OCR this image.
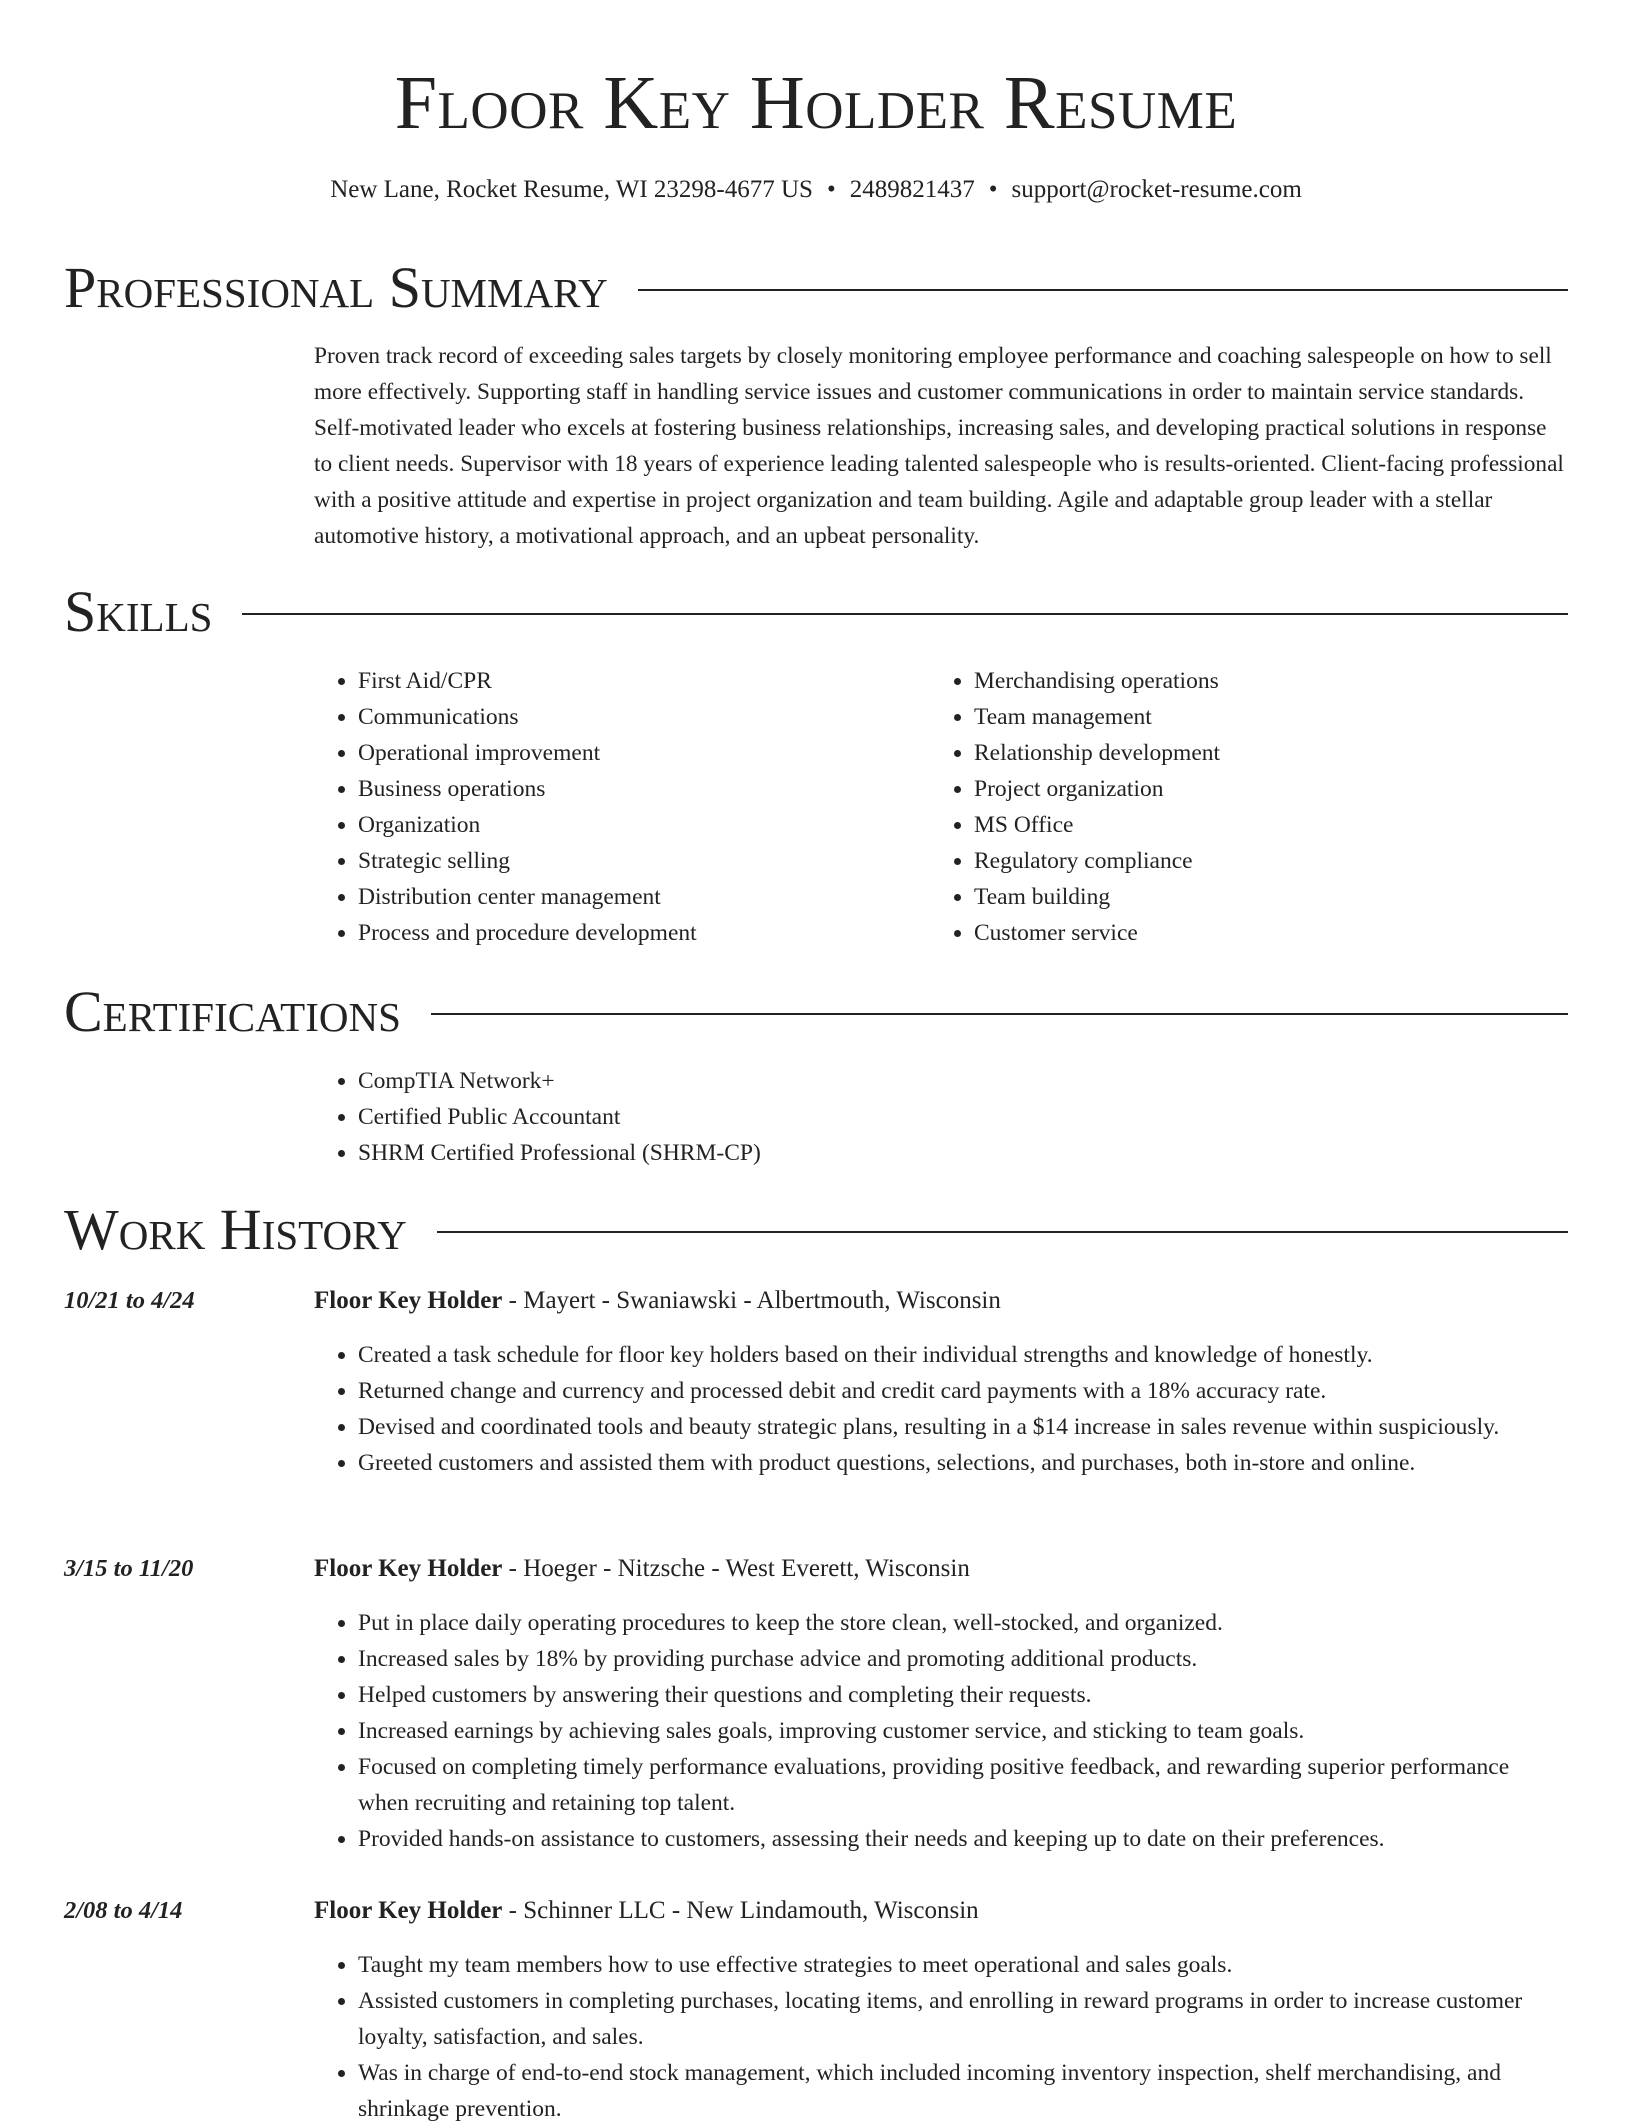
Floor Key Holder Resume
New Lane, Rocket Resume, WI 23298-4677 US • 2489821437 • support@rocket-resume.com
Professional Summary

Proven track record of exceeding sales targets by closely monitoring employee performance and coaching salespeople on how to sell more effectively. Supporting staff in handling service issues and customer communications in order to maintain service standards. Self-motivated leader who excels at fostering business relationships, increasing sales, and developing practical solutions in response to client needs. Supervisor with 18 years of experience leading talented salespeople who is results-oriented. Client-facing professional with a positive attitude and expertise in project organization and team building. Agile and adaptable group leader with a stellar automotive history, a motivational approach, and an upbeat personality.

Skills
• First Aid/CPR
• Communications
• Operational improvement
• Business operations
• Organization
• Strategic selling
• Distribution center management
• Process and procedure development
• Merchandising operations
• Team management
• Relationship development
• Project organization
• MS Office
• Regulatory compliance
• Team building
• Customer service
Certifications
• CompTIA Network+
• Certified Public Accountant
• SHRM Certified Professional (SHRM-CP)
Work History
10/21 to 4/24	Floor Key Holder - Mayert - Swaniawski - Albertmouth, Wisconsin
• Created a task schedule for floor key holders based on their individual strengths and knowledge of honestly.
• Returned change and currency and processed debit and credit card payments with a 18% accuracy rate.
• Devised and coordinated tools and beauty strategic plans, resulting in a $14 increase in sales revenue within suspiciously.
• Greeted customers and assisted them with product questions, selections, and purchases, both in-store and online.
3/15 to 11/20	Floor Key Holder - Hoeger - Nitzsche - West Everett, Wisconsin
• Put in place daily operating procedures to keep the store clean, well-stocked, and organized.
• Increased sales by 18% by providing purchase advice and promoting additional products.
• Helped customers by answering their questions and completing their requests.
• Increased earnings by achieving sales goals, improving customer service, and sticking to team goals.
• Focused on completing timely performance evaluations, providing positive feedback, and rewarding superior performance when recruiting and retaining top talent.
• Provided hands-on assistance to customers, assessing their needs and keeping up to date on their preferences.
2/08 to 4/14	Floor Key Holder - Schinner LLC - New Lindamouth, Wisconsin
• Taught my team members how to use effective strategies to meet operational and sales goals.
• Assisted customers in completing purchases, locating items, and enrolling in reward programs in order to increase customer loyalty, satisfaction, and sales.
• Was in charge of end-to-end stock management, which included incoming inventory inspection, shelf merchandising, and shrinkage prevention.
